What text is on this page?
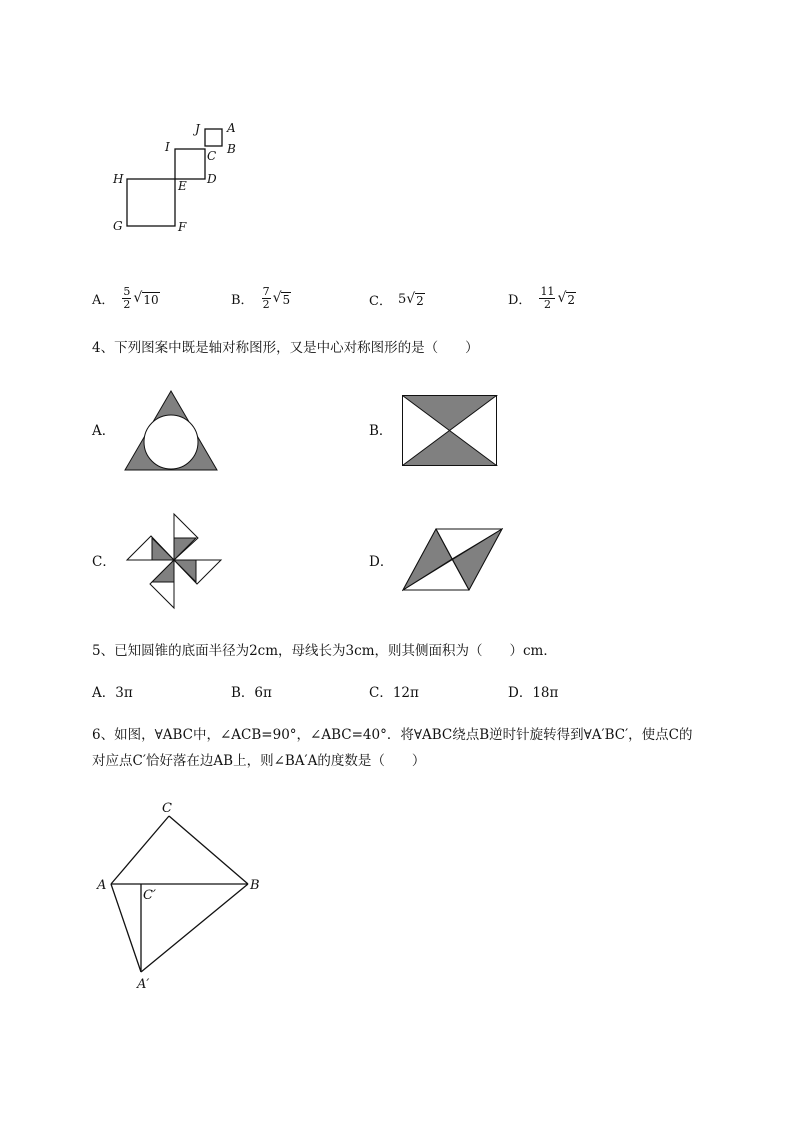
J A
I
C B
H	E D
G	F
A． $\frac{5}{2}$ √ 10	B． $\frac{7}{2}$ √ 5	C． 5 √ 2	D． $\frac{11}{2}$ √ 2
4、下列图案中既是轴对称图形，又是中心对称图形的是（　　）
A．	B．
C．	D．
5、已知圆锥的底面半径为2cm，母线长为3cm，则其侧面积为（　　）cm．
A．3π	B．6π	C．12π	D．18π
6、如图，∀ABC中，∠ACB=90°，∠ABC=40°．将∀ABC绕点B逆时针旋转得到∀A′BC′，使点C的
对应点C′恰好落在边AB上，则∠BA′A的度数是（　　）
C
A
C′
B
A′
